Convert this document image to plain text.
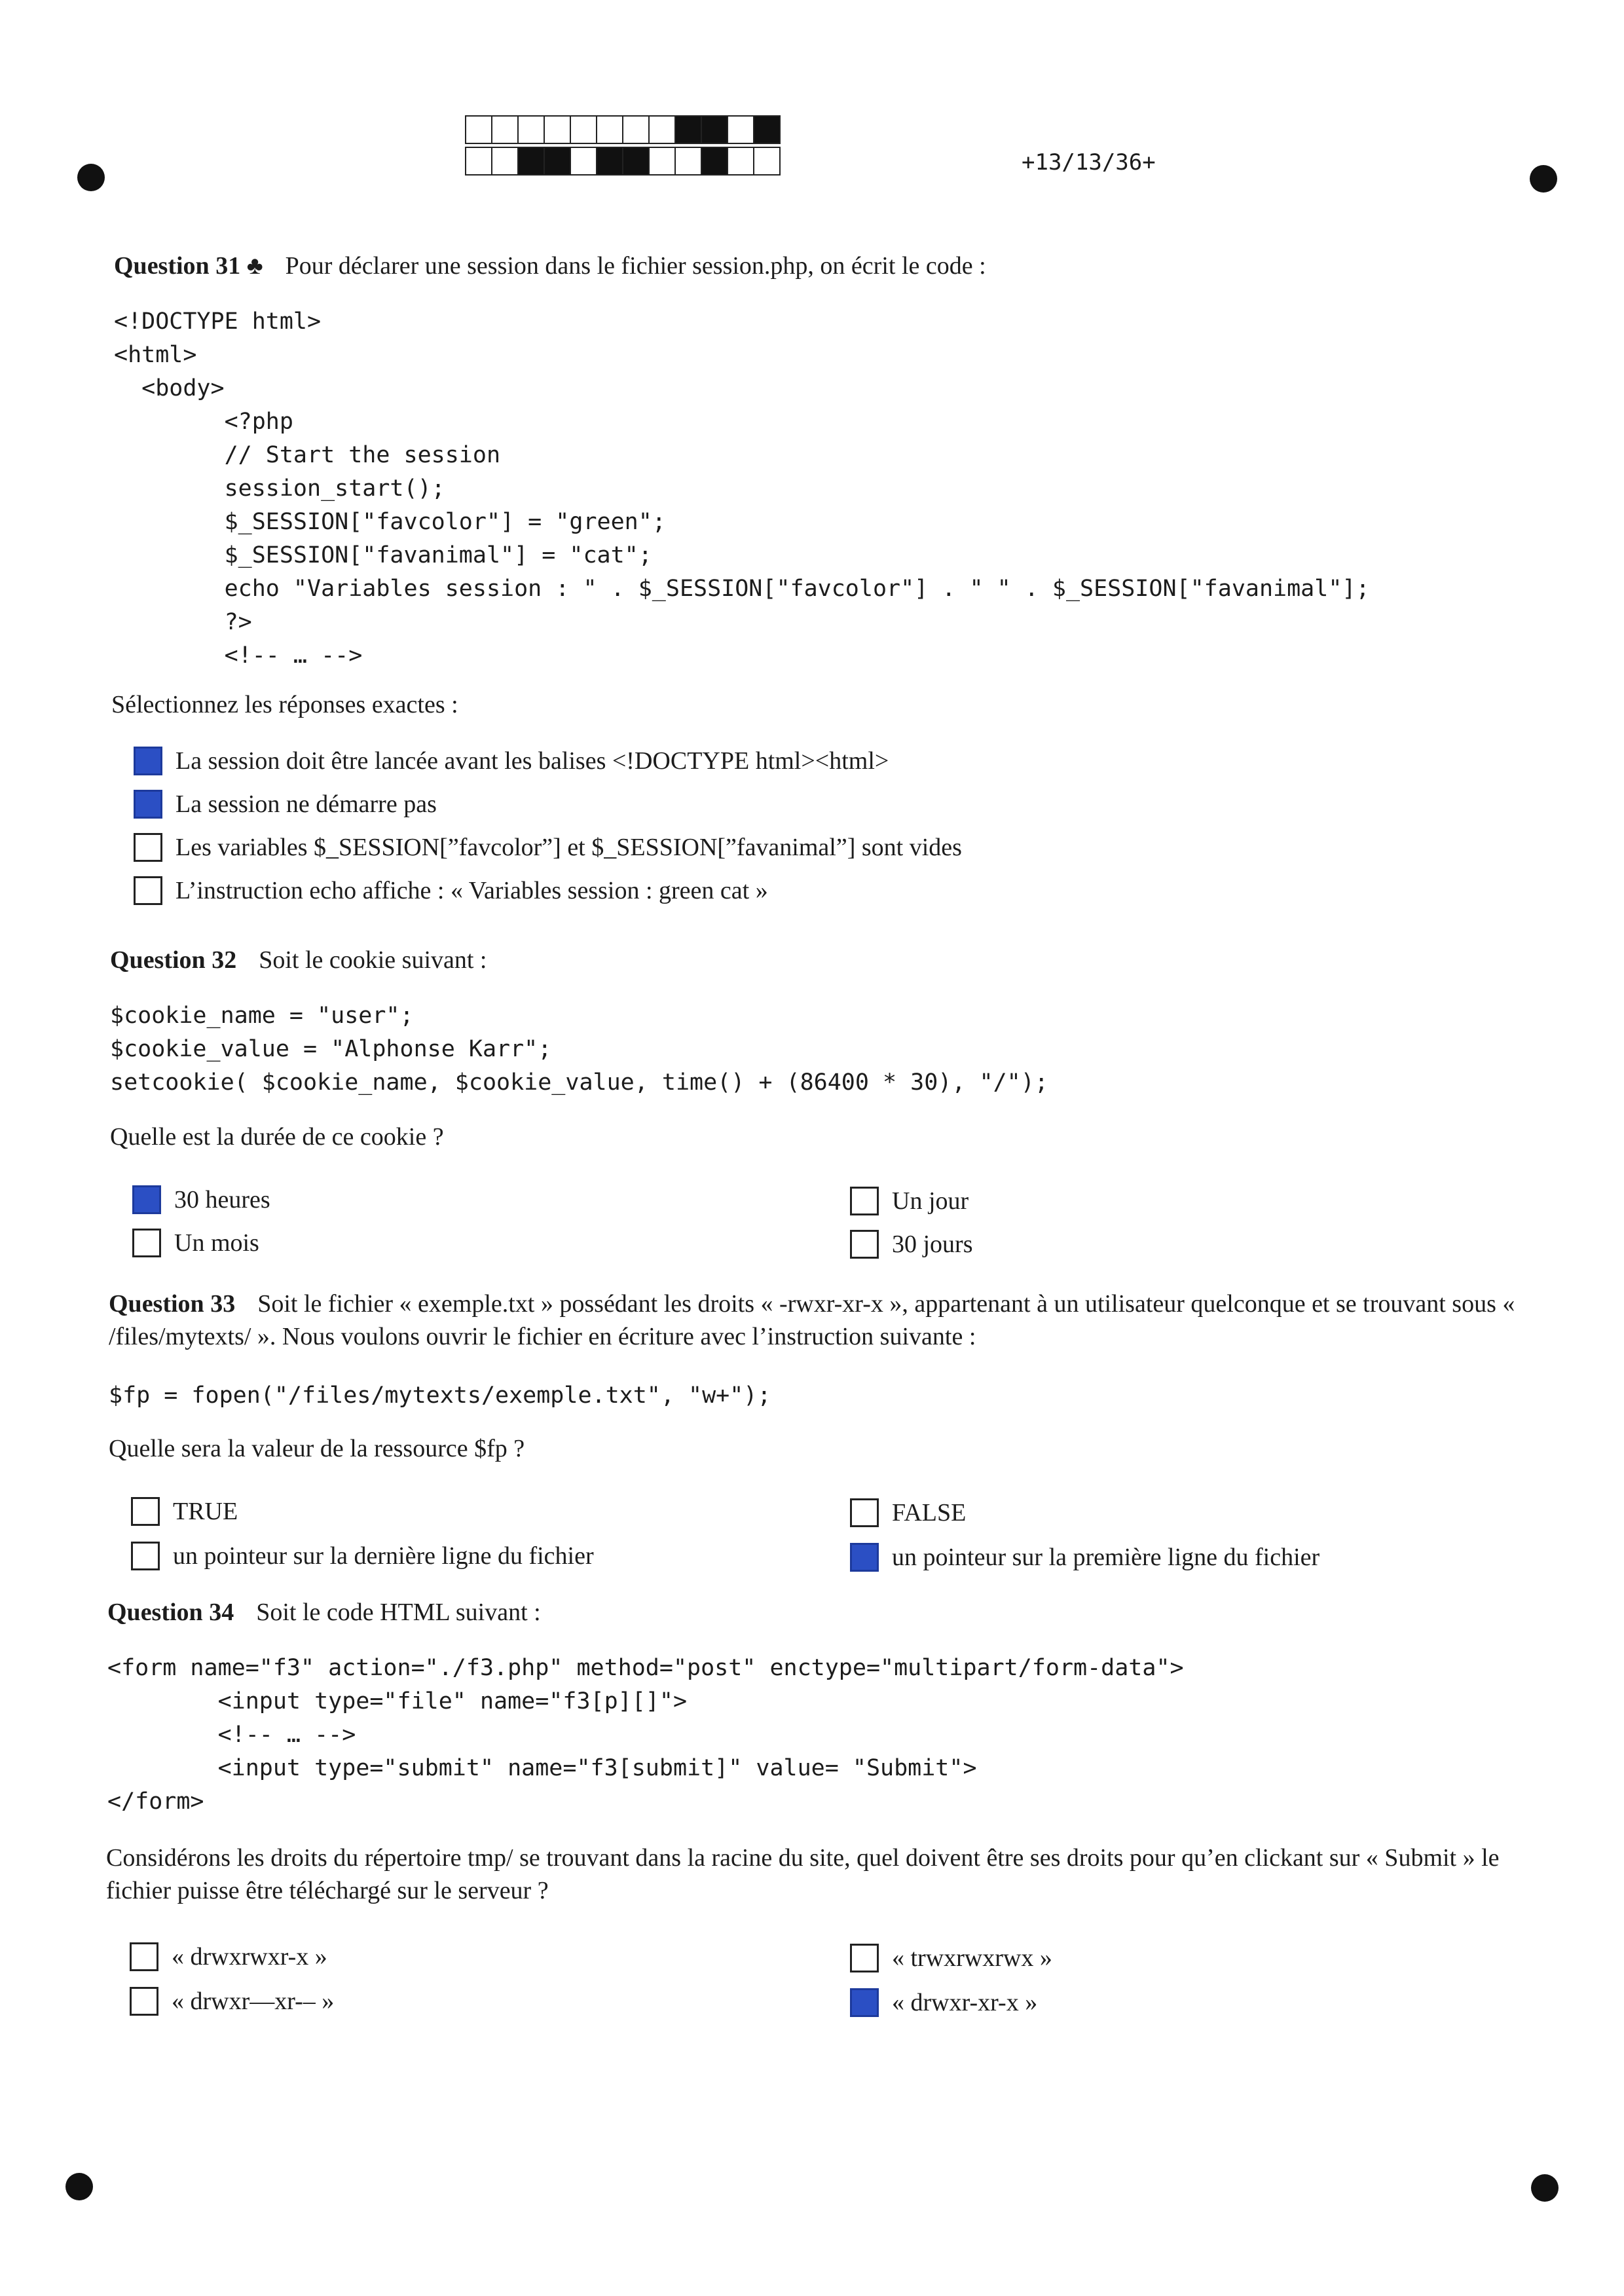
+13/13/36+
Question 31 ♣ Pour déclarer une session dans le fichier session.php, on écrit le code :
<!DOCTYPE html>
<html>
<body>
<?php
// Start the session
session_start();
$_SESSION["favcolor"] = "green";
$_SESSION["favanimal"] = "cat";
echo "Variables session : " . $_SESSION["favcolor"] . " " . $_SESSION["favanimal"];
?>
<!-- … -->
Sélectionnez les réponses exactes :
La session doit être lancée avant les balises <!DOCTYPE html><html>
La session ne démarre pas
Les variables $_SESSION[”favcolor”] et $_SESSION[”favanimal”] sont vides
L’instruction echo affiche : « Variables session : green cat »
Question 32 Soit le cookie suivant :
$cookie_name = "user";
$cookie_value = "Alphonse Karr";
setcookie( $cookie_name, $cookie_value, time() + (86400 * 30), "/");
Quelle est la durée de ce cookie ?
30 heures	Un jour
Un mois	30 jours
Question 33 Soit le fichier « exemple.txt » possédant les droits « -rwxr-xr-x », appartenant à un utilisateur quelconque et se trouvant sous « /files/mytexts/ ». Nous voulons ouvrir le fichier en écriture avec l’instruction suivante :
$fp = fopen("/files/mytexts/exemple.txt", "w+");
Quelle sera la valeur de la ressource $fp ?
TRUE	FALSE
un pointeur sur la dernière ligne du fichier	un pointeur sur la première ligne du fichier
Question 34 Soit le code HTML suivant :
<form name="f3" action="./f3.php" method="post" enctype="multipart/form-data">
<input type="file" name="f3[p][]">
<!-- … -->
<input type="submit" name="f3[submit]" value= "Submit">
</form>
Considérons les droits du répertoire tmp/ se trouvant dans la racine du site, quel doivent être ses droits pour qu’en clickant sur « Submit » le fichier puisse être téléchargé sur le serveur ?
« drwxrwxr-x »	« trwxrwxrwx »
« drwxr—xr-– »	« drwxr-xr-x »
